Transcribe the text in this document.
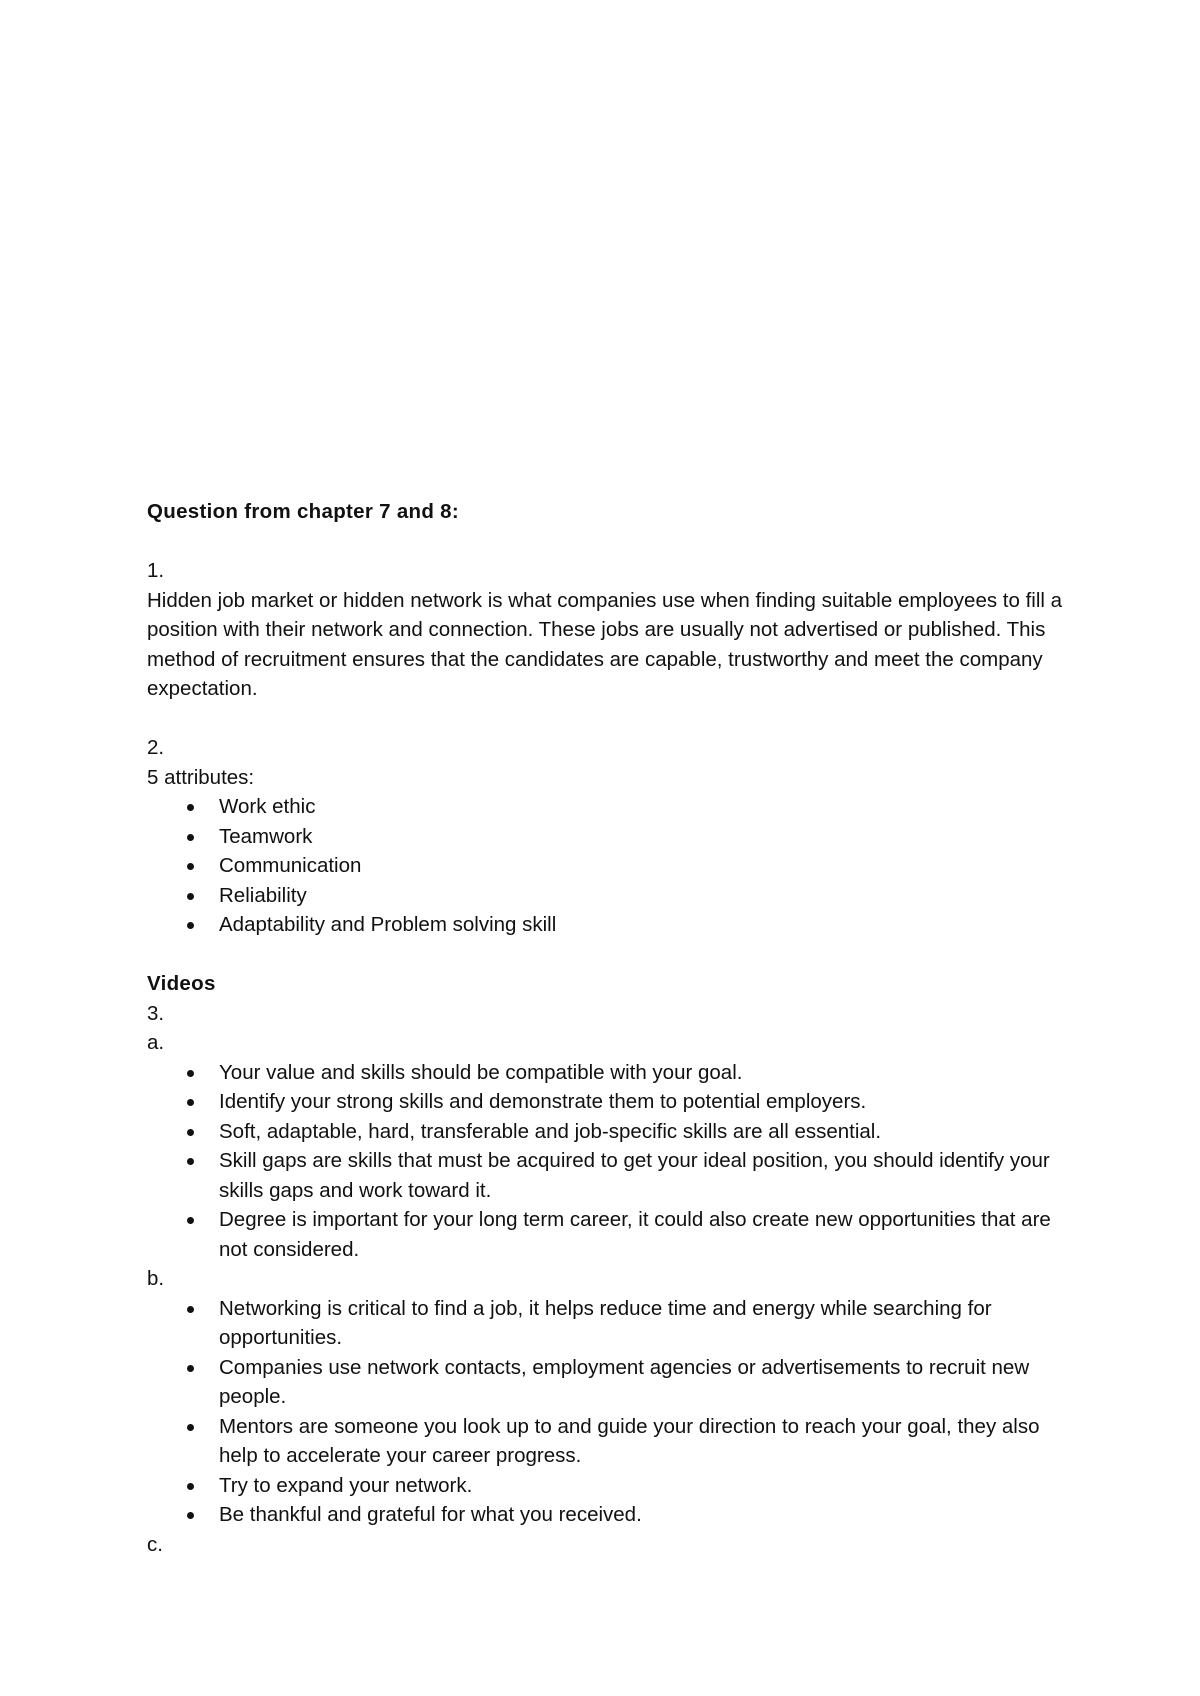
Question from chapter 7 and 8:
1.
Hidden job market or hidden network is what companies use when finding suitable employees to fill a position with their network and connection. These jobs are usually not advertised or published. This method of recruitment ensures that the candidates are capable, trustworthy and meet the company expectation.
2.
5 attributes:
Work ethic
Teamwork
Communication
Reliability
Adaptability and Problem solving skill
Videos
3.
a.
Your value and skills should be compatible with your goal.
Identify your strong skills and demonstrate them to potential employers.
Soft, adaptable, hard, transferable and job-specific skills are all essential.
Skill gaps are skills that must be acquired to get your ideal position, you should identify your skills gaps and work toward it.
Degree is important for your long term career, it could also create new opportunities that are not considered.
b.
Networking is critical to find a job, it helps reduce time and energy while searching for opportunities.
Companies use network contacts, employment agencies or advertisements to recruit new people.
Mentors are someone you look up to and guide your direction to reach your goal, they also help to accelerate your career progress.
Try to expand your network.
Be thankful and grateful for what you received.
c.
